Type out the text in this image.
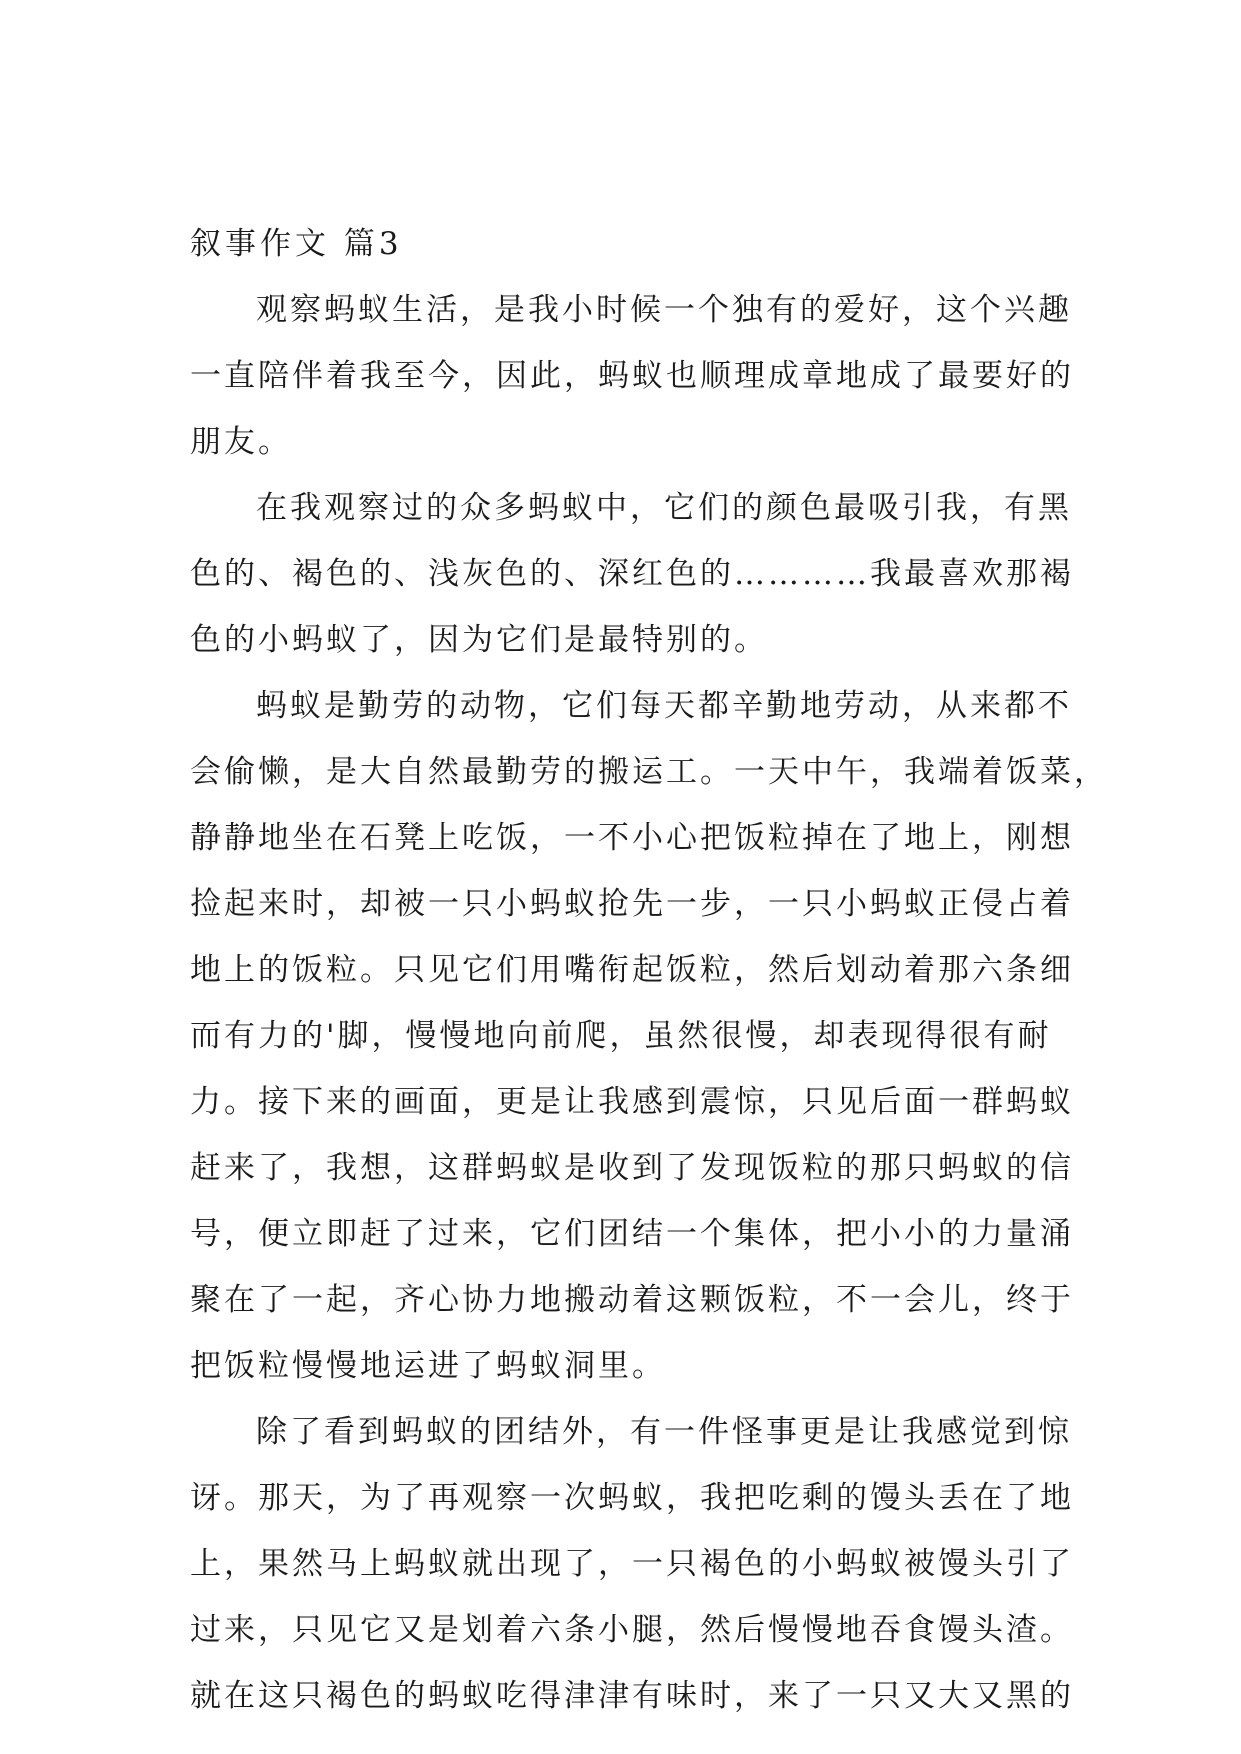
叙事作文 篇3

观察蚂蚁生活，是我小时候一个独有的爱好，这个兴趣

一直陪伴着我至今，因此，蚂蚁也顺理成章地成了最要好的

朋友。

在我观察过的众多蚂蚁中，它们的颜色最吸引我，有黑

色的、褐色的、浅灰色的、深红色的…………我最喜欢那褐

色的小蚂蚁了，因为它们是最特别的。

蚂蚁是勤劳的动物，它们每天都辛勤地劳动，从来都不

会偷懒，是大自然最勤劳的搬运工。一天中午，我端着饭菜，

静静地坐在石凳上吃饭，一不小心把饭粒掉在了地上，刚想

捡起来时，却被一只小蚂蚁抢先一步，一只小蚂蚁正侵占着

地上的饭粒。只见它们用嘴衔起饭粒，然后划动着那六条细

而有力的'脚，慢慢地向前爬，虽然很慢，却表现得很有耐

力。接下来的画面，更是让我感到震惊，只见后面一群蚂蚁

赶来了，我想，这群蚂蚁是收到了发现饭粒的那只蚂蚁的信

号，便立即赶了过来，它们团结一个集体，把小小的力量涌

聚在了一起，齐心协力地搬动着这颗饭粒，不一会儿，终于

把饭粒慢慢地运进了蚂蚁洞里。

除了看到蚂蚁的团结外，有一件怪事更是让我感觉到惊

讶。那天，为了再观察一次蚂蚁，我把吃剩的馒头丢在了地

上，果然马上蚂蚁就出现了，一只褐色的小蚂蚁被馒头引了

过来，只见它又是划着六条小腿，然后慢慢地吞食馒头渣。

就在这只褐色的蚂蚁吃得津津有味时，来了一只又大又黑的
